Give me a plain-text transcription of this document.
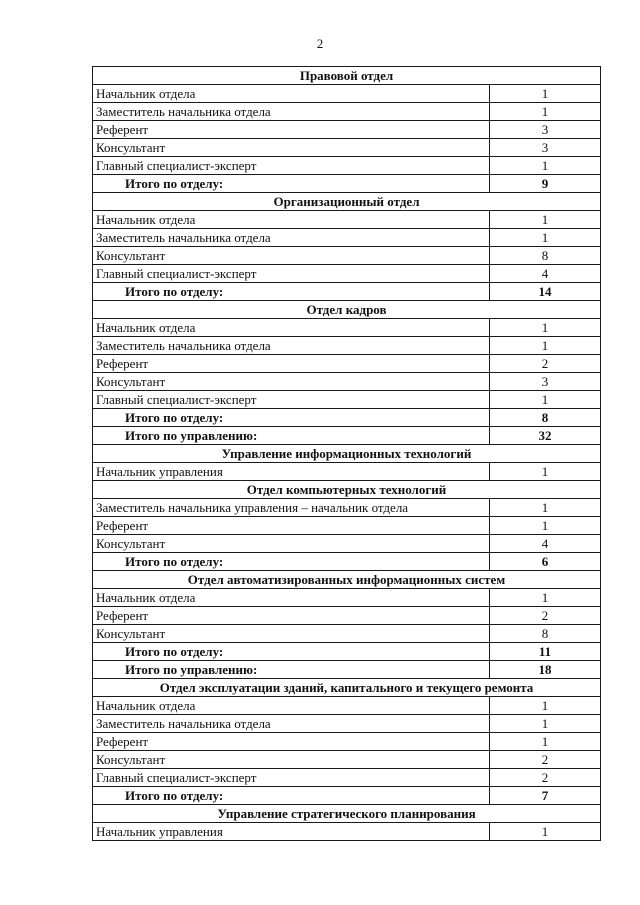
2
Правовой отдел	
Начальник отдела	1
Заместитель начальника отдела	1
Референт	3
Консультант	3
Главный специалист-эксперт	1
Итого по отделу:	9
Организационный отдел	
Начальник отдела	1
Заместитель начальника отдела	1
Консультант	8
Главный специалист-эксперт	4
Итого по отделу:	14
Отдел кадров	
Начальник отдела	1
Заместитель начальника отдела	1
Референт	2
Консультант	3
Главный специалист-эксперт	1
Итого по отделу:	8
Итого по управлению:	32
Управление информационных технологий	
Начальник управления	1
Отдел компьютерных технологий	
Заместитель начальника управления – начальник отдела	1
Референт	1
Консультант	4
Итого по отделу:	6
Отдел автоматизированных информационных систем	
Начальник отдела	1
Референт	2
Консультант	8
Итого по отделу:	11
Итого по управлению:	18
Отдел эксплуатации зданий, капитального и текущего ремонта	
Начальник отдела	1
Заместитель начальника отдела	1
Референт	1
Консультант	2
Главный специалист-эксперт	2
Итого по отделу:	7
Управление стратегического планирования	
Начальник управления	1
